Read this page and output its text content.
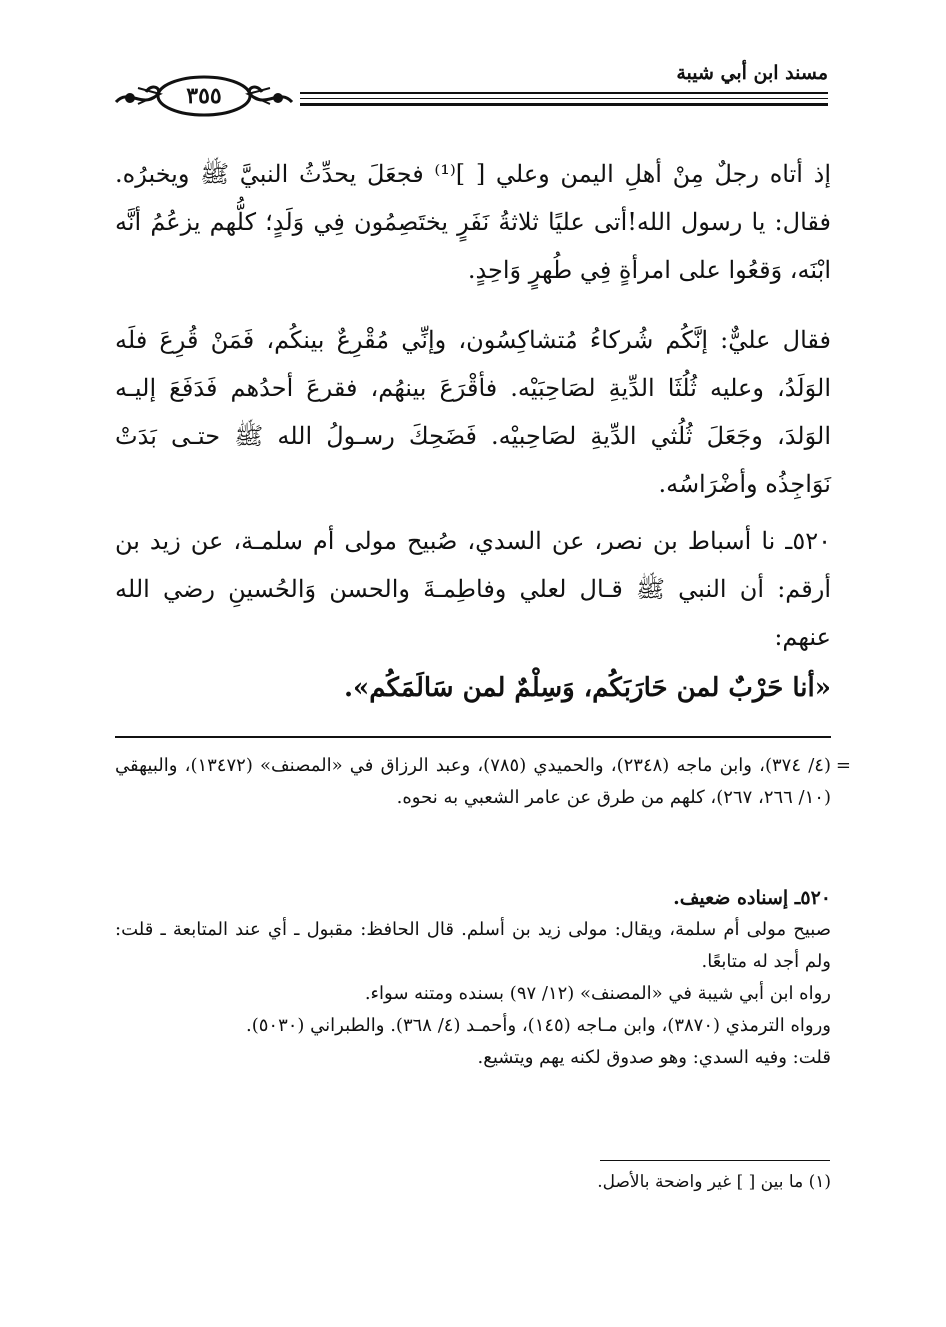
مسند ابن أبي شيبة
٣٥٥

إذ أتاه رجلٌ مِنْ أهلِ اليمن وعلي [ ]⁽¹⁾ فجعَلَ يحدِّثُ النبيَّ ﷺ ويخبرُه. فقال: يا رسول الله!أتى عليًا ثلاثةُ نَفَرٍ يختَصِمُون فِي وَلَدٍ؛ كلُّهم يزعُمُ أنَّه ابْنَه، وَقعُوا على امرأةٍ فِي طُهرٍ وَاحِدٍ.

فقال عليٌّ: إنَّكُم شُركاءُ مُتشاكِسُون، وإنِّي مُقْرِعٌ بينكُم، فَمَنْ قُرِعَ فلَه الوَلَدُ، وعليه ثُلُثَا الدِّيةِ لصَاحِبَيْه. فأقْرَعَ بينهُم، فقرعَ أحدُهم فَدَفَعَ إليـه الوَلدَ، وجَعَلَ ثُلُثي الدِّيةِ لصَاحِبيْه. فَضَحِكَ رسـولُ الله ﷺ حتـى بَدَتْ نَوَاجِذُه وأضْرَاسُه.

٥٢٠ـ نا أسباط بن نصر، عن السدي، صُبيح مولى أم سلمـة، عن زيد بن أرقم: أن النبي ﷺ قـال لعلي وفاطِمـةَ والحسن وَالحُسينِ رضي الله عنهم:

«أنا حَرْبٌ لمن حَارَبَكُم، وَسِلْمٌ لمن سَالَمَكُم».
=
(٤/ ٣٧٤)، وابن ماجه (٢٣٤٨)، والحميدي (٧٨٥)، وعبد الرزاق في «المصنف» (١٣٤٧٢)، والبيهقي (١٠/ ٢٦٦، ٢٦٧)، كلهم من طرق عن عامر الشعبي به نحوه.
٥٢٠ـ إسناده ضعيف.
صبيح مولى أم سلمة، ويقال: مولى زيد بن أسلم. قال الحافظ: مقبول ـ أي عند المتابعة ـ قلت: ولم أجد له متابعًا.
رواه ابن أبي شيبة في «المصنف» (١٢/ ٩٧) بسنده ومتنه سواء.
ورواه الترمذي (٣٨٧٠)، وابن مـاجه (١٤٥)، وأحمـد (٤/ ٣٦٨). والطبراني (٥٠٣٠).
قلت: وفيه السدي: وهو صدوق لكنه يهم ويتشيع.
(١) ما بين [ ] غير واضحة بالأصل.
